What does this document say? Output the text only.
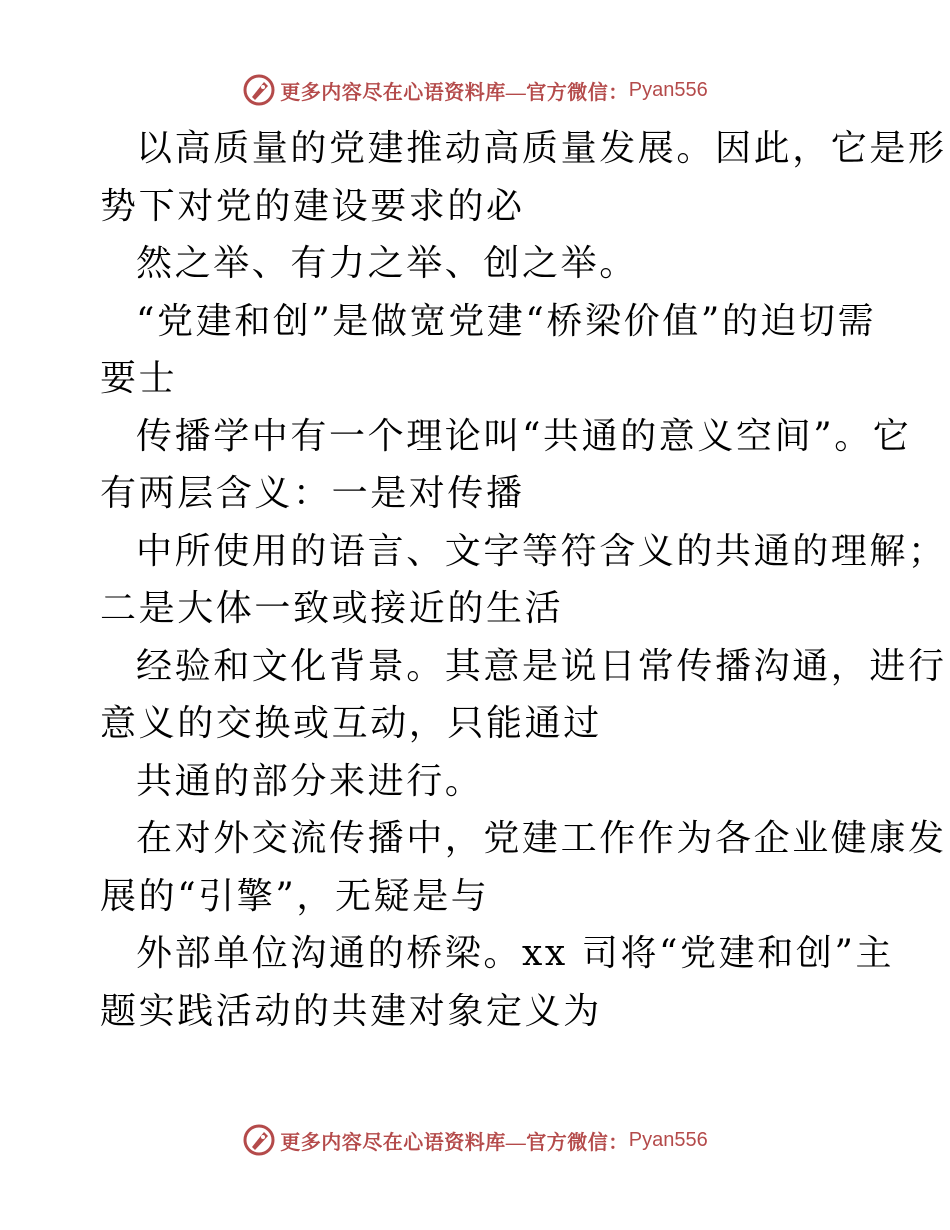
更多内容尽在心语资料库—官方微信： Pyan556
以高质量的党建推动高质量发展。因此，它是形
势下对党的建设要求的必
然之举、有力之举、创之举。
“党建和创”是做宽党建“桥梁价值”的迫切需
要士
传播学中有一个理论叫“共通的意义空间”。它
有两层含义：一是对传播
中所使用的语言、文字等符含义的共通的理解；
二是大体一致或接近的生活
经验和文化背景。其意是说日常传播沟通，进行
意义的交换或互动，只能通过
共通的部分来进行。
在对外交流传播中，党建工作作为各企业健康发
展的“引擎”，无疑是与
外部单位沟通的桥梁。xx 司将“党建和创”主
题实践活动的共建对象定义为
更多内容尽在心语资料库—官方微信： Pyan556
